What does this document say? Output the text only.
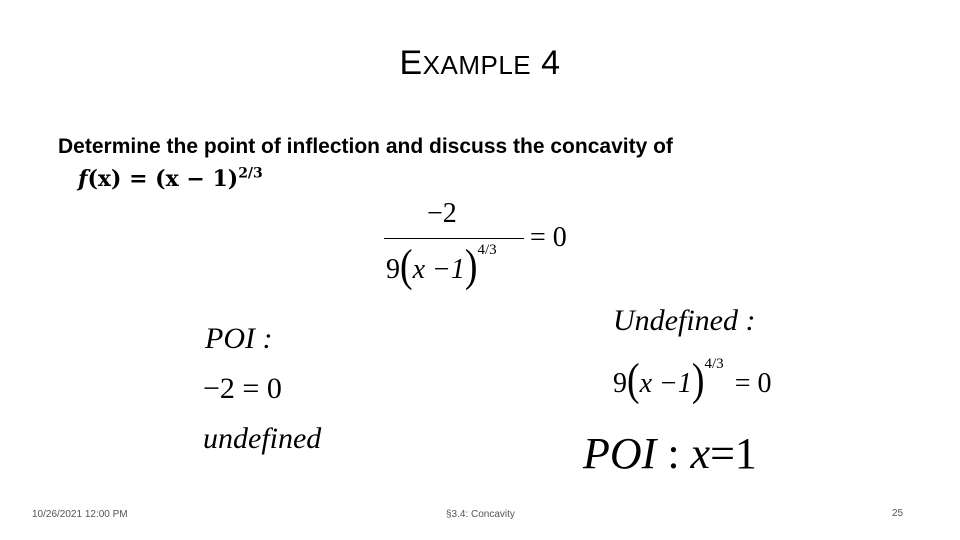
EXAMPLE 4
Determine the point of inflection and discuss the concavity of
$f(x) = (x - 1)^{2/3}$
−2
$9(x -1)^{4/3} = 0$
POI :
−2 = 0
undefined
Undefined :
$9(x -1)^{4/3} = 0$
POI : x=1
10/26/2021 12:00 PM	§3.4: Concavity	25
